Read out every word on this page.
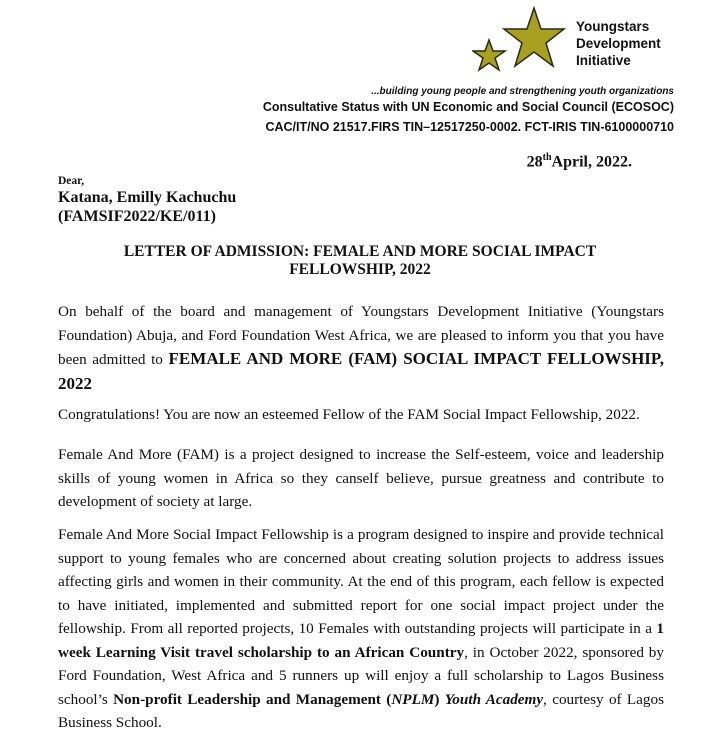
Youngstars
Development
Initiative
...building young people and strengthening youth organizations
Consultative Status with UN Economic and Social Council (ECOSOC)
CAC/IT/NO 21517.FIRS TIN–12517250-0002. FCT-IRIS TIN-6100000710
28thApril, 2022.
Dear,
Katana, Emilly Kachuchu
(FAMSIF2022/KE/011)
LETTER OF ADMISSION: FEMALE AND MORE SOCIAL IMPACT
FELLOWSHIP, 2022
On behalf of the board and management of Youngstars Development Initiative (Youngstars Foundation) Abuja, and Ford Foundation West Africa, we are pleased to inform you that you have been admitted to FEMALE AND MORE (FAM) SOCIAL IMPACT FELLOWSHIP, 2022
Congratulations! You are now an esteemed Fellow of the FAM Social Impact Fellowship, 2022.
Female And More (FAM) is a project designed to increase the Self-esteem, voice and leadership skills of young women in Africa so they canself believe, pursue greatness and contribute to development of society at large.
Female And More Social Impact Fellowship is a program designed to inspire and provide technical support to young females who are concerned about creating solution projects to address issues affecting girls and women in their community. At the end of this program, each fellow is expected to have initiated, implemented and submitted report for one social impact project under the fellowship. From all reported projects, 10 Females with outstanding projects will participate in a 1 week Learning Visit travel scholarship to an African Country, in October 2022, sponsored by Ford Foundation, West Africa and 5 runners up will enjoy a full scholarship to Lagos Business school’s Non-profit Leadership and Management (NPLM) Youth Academy, courtesy of Lagos Business School.
